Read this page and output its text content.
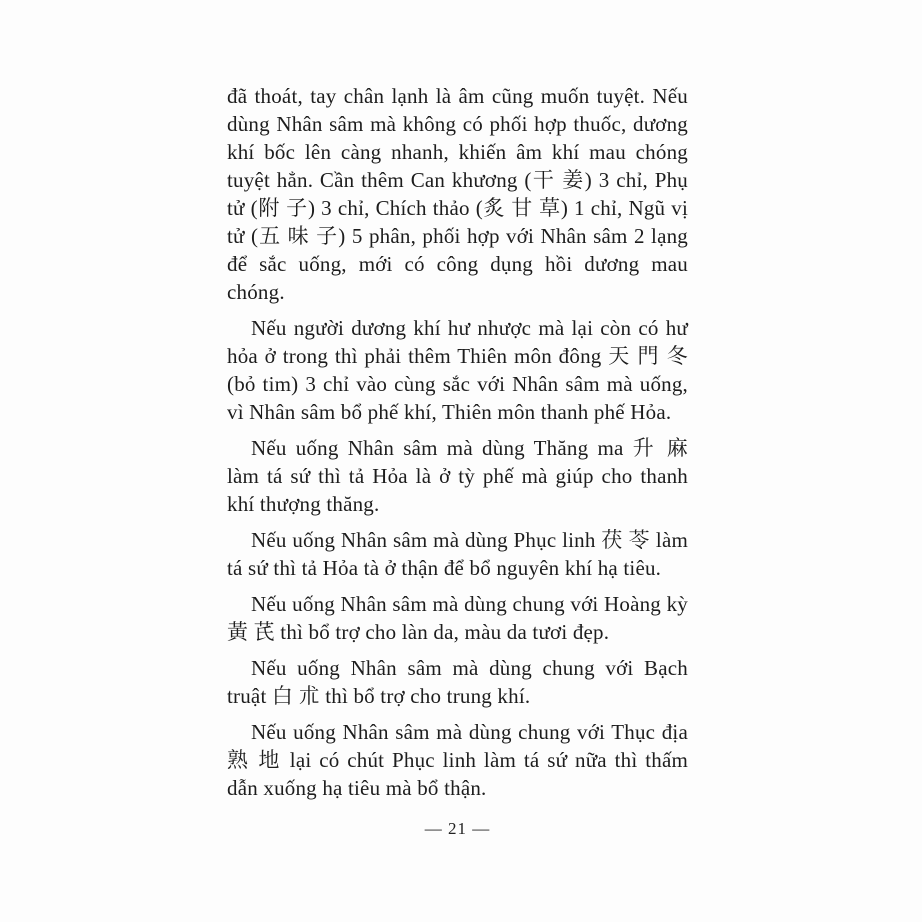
đã thoát, tay chân lạnh là âm cũng muốn tuyệt. Nếu dùng Nhân sâm mà không có phối hợp thuốc, dương khí bốc lên càng nhanh, khiến âm khí mau chóng tuyệt hẳn. Cần thêm Can khương (干 姜) 3 chỉ, Phụ tử (附 子) 3 chỉ, Chích thảo (炙 甘 草) 1 chỉ, Ngũ vị tử (五 味 子) 5 phân, phối hợp với Nhân sâm 2 lạng để sắc uống, mới có công dụng hồi dương mau chóng.

Nếu người dương khí hư nhược mà lại còn có hư hỏa ở trong thì phải thêm Thiên môn đông 天 門 冬 (bỏ tim) 3 chỉ vào cùng sắc với Nhân sâm mà uống, vì Nhân sâm bổ phế khí, Thiên môn thanh phế Hỏa.

Nếu uống Nhân sâm mà dùng Thăng ma 升 麻 làm tá sứ thì tả Hỏa là ở tỳ phế mà giúp cho thanh khí thượng thăng.

Nếu uống Nhân sâm mà dùng Phục linh 茯 苓 làm tá sứ thì tả Hỏa tà ở thận để bổ nguyên khí hạ tiêu.

Nếu uống Nhân sâm mà dùng chung với Hoàng kỳ 黃 芪 thì bổ trợ cho làn da, màu da tươi đẹp.

Nếu uống Nhân sâm mà dùng chung với Bạch truật 白 朮 thì bổ trợ cho trung khí.

Nếu uống Nhân sâm mà dùng chung với Thục địa 熟 地 lại có chút Phục linh làm tá sứ nữa thì thấm dẫn xuống hạ tiêu mà bổ thận.

— 21 —
